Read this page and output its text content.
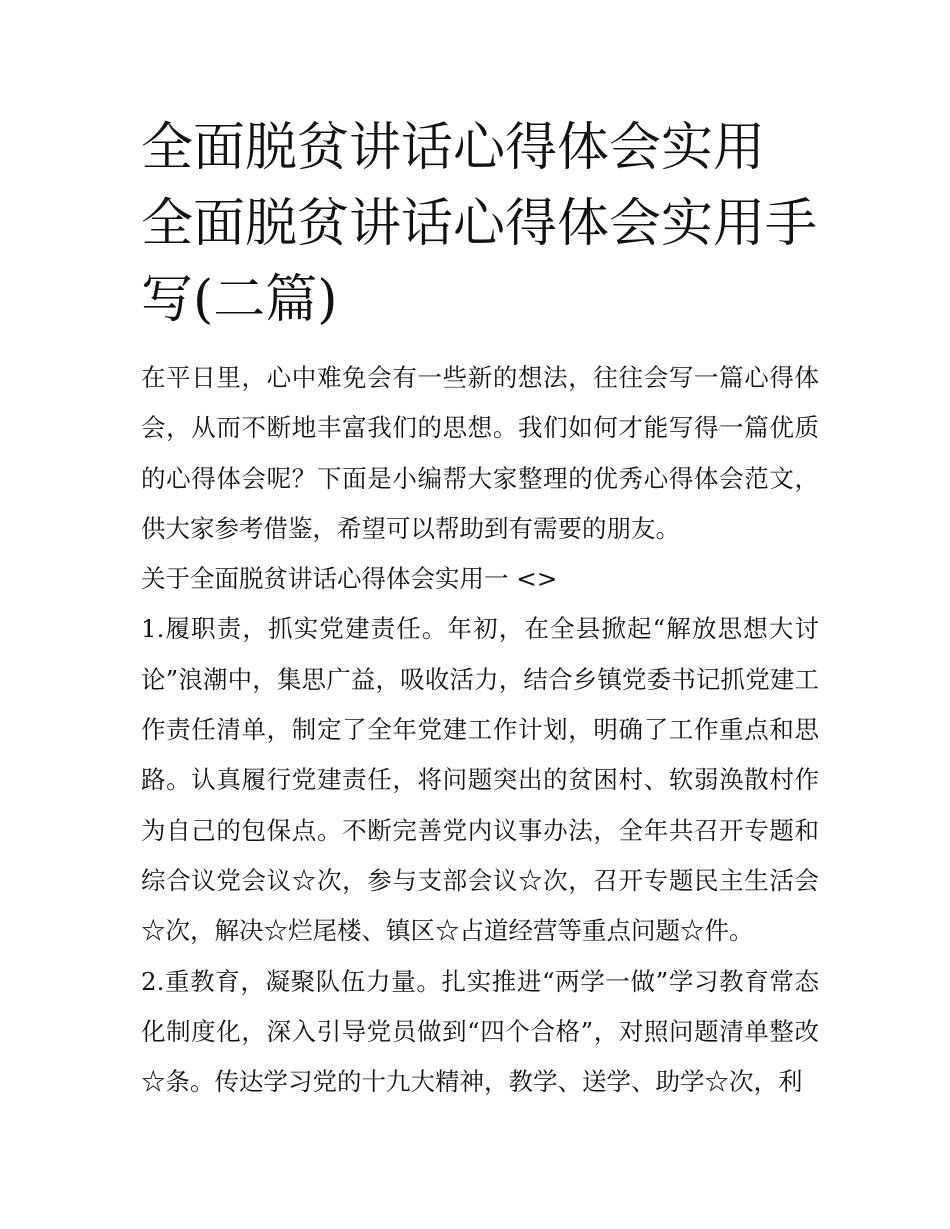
全面脱贫讲话心得体会实用 全面脱贫讲话心得体会实用手写(二篇)

在平日里，心中难免会有一些新的想法，往往会写一篇心得体会，从而不断地丰富我们的思想。我们如何才能写得一篇优质的心得体会呢？下面是小编帮大家整理的优秀心得体会范文，供大家参考借鉴，希望可以帮助到有需要的朋友。

关于全面脱贫讲话心得体会实用一 <>

1.履职责，抓实党建责任。年初，在全县掀起“解放思想大讨论”浪潮中，集思广益，吸收活力，结合乡镇党委书记抓党建工作责任清单，制定了全年党建工作计划，明确了工作重点和思路。认真履行党建责任，将问题突出的贫困村、软弱涣散村作为自己的包保点。不断完善党内议事办法，全年共召开专题和综合议党会议☆次，参与支部会议☆次，召开专题民主生活会☆次，解决☆烂尾楼、镇区☆占道经营等重点问题☆件。

2.重教育，凝聚队伍力量。扎实推进“两学一做”学习教育常态化制度化，深入引导党员做到“四个合格”，对照问题清单整改☆条。传达学习党的十九大精神，教学、送学、助学☆次，利
